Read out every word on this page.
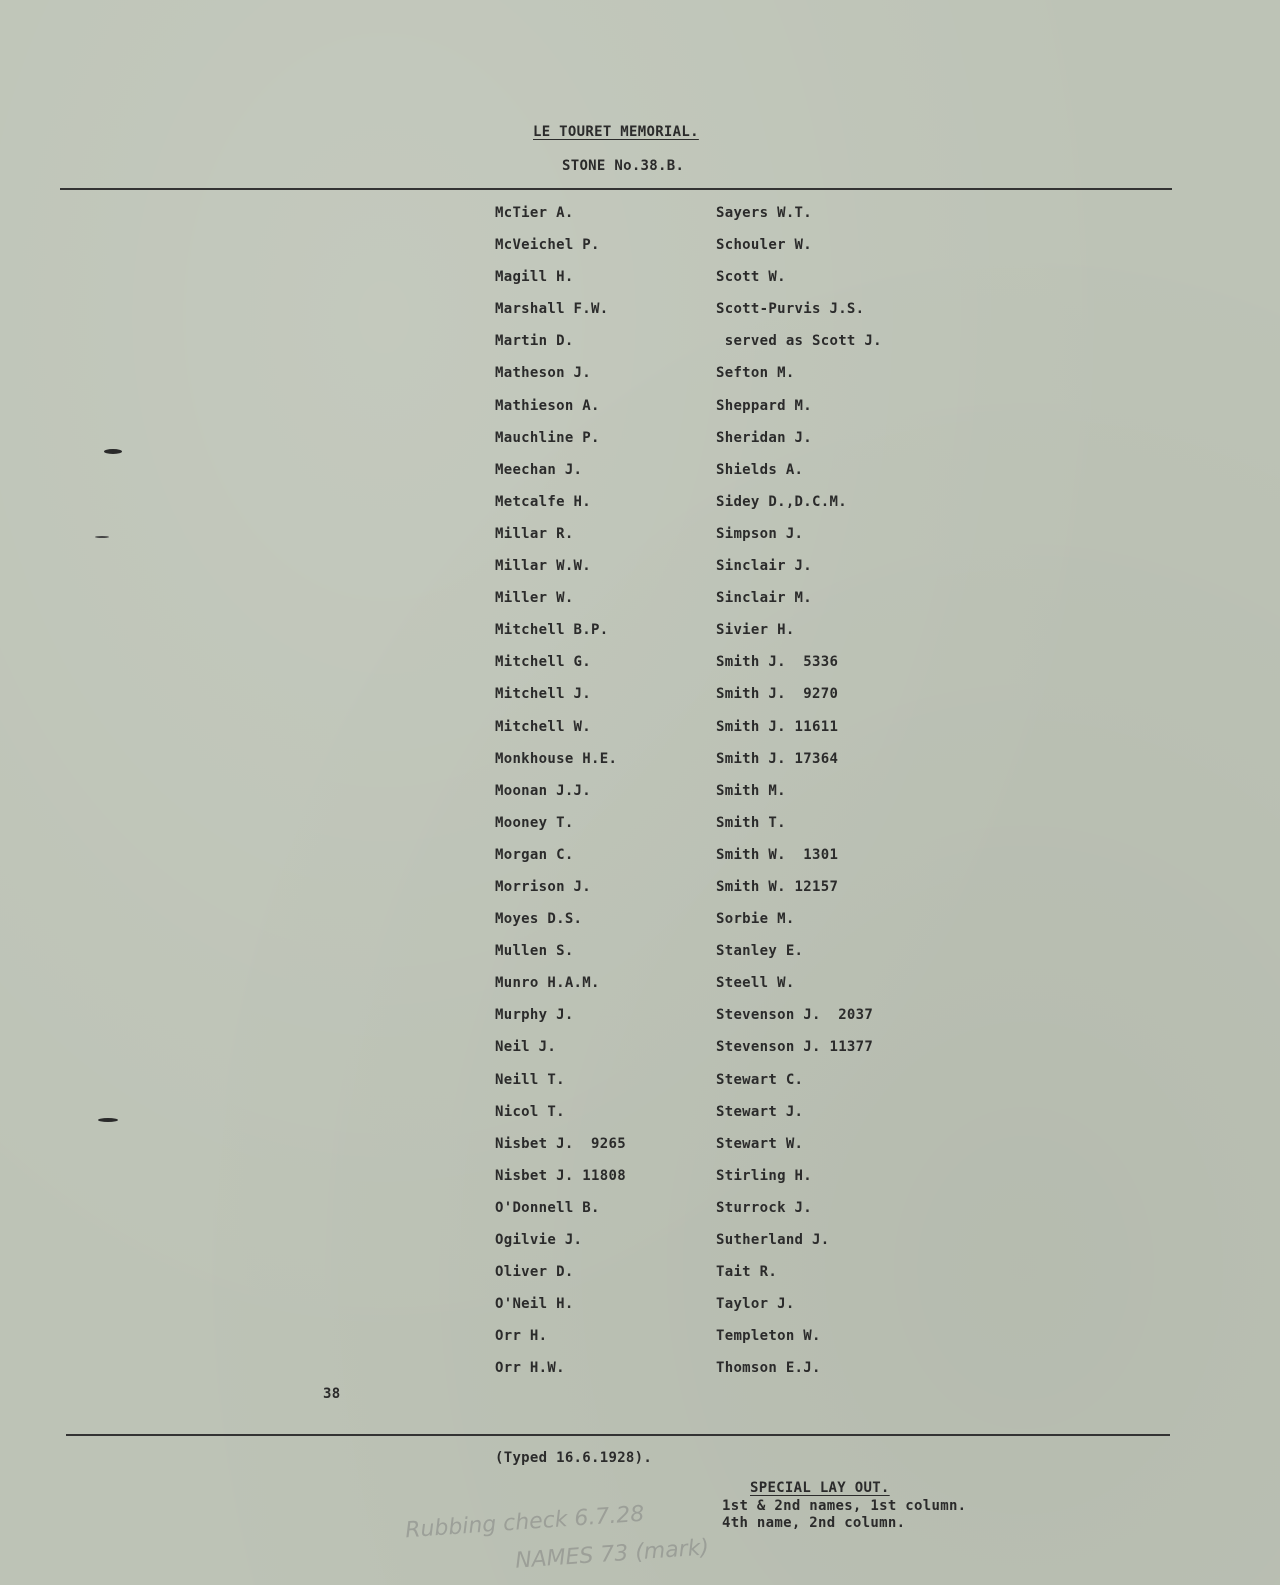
LE TOURET MEMORIAL.
STONE No.38.B.
McTier A.
McVeichel P.
Magill H.
Marshall F.W.
Martin D.
Matheson J.
Mathieson A.
Mauchline P.
Meechan J.
Metcalfe H.
Millar R.
Millar W.W.
Miller W.
Mitchell B.P.
Mitchell G.
Mitchell J.
Mitchell W.
Monkhouse H.E.
Moonan J.J.
Mooney T.
Morgan C.
Morrison J.
Moyes D.S.
Mullen S.
Munro H.A.M.
Murphy J.
Neil J.
Neill T.
Nicol T.
Nisbet J.  9265
Nisbet J. 11808
O'Donnell B.
Ogilvie J.
Oliver D.
O'Neil H.
Orr H.
Orr H.W.
Sayers W.T.
Schouler W.
Scott W.
Scott-Purvis J.S.
served as Scott J.
Sefton M.
Sheppard M.
Sheridan J.
Shields A.
Sidey D.,D.C.M.
Simpson J.
Sinclair J.
Sinclair M.
Sivier H.
Smith J.  5336
Smith J.  9270
Smith J. 11611
Smith J. 17364
Smith M.
Smith T.
Smith W.  1301
Smith W. 12157
Sorbie M.
Stanley E.
Steell W.
Stevenson J.  2037
Stevenson J. 11377
Stewart C.
Stewart J.
Stewart W.
Stirling H.
Sturrock J.
Sutherland J.
Tait R.
Taylor J.
Templeton W.
Thomson E.J.
38
(Typed 16.6.1928).
SPECIAL LAY OUT.
1st & 2nd names, 1st column.
4th name, 2nd column.
Rubbing check 6.7.28
NAMES 73 (mark)
